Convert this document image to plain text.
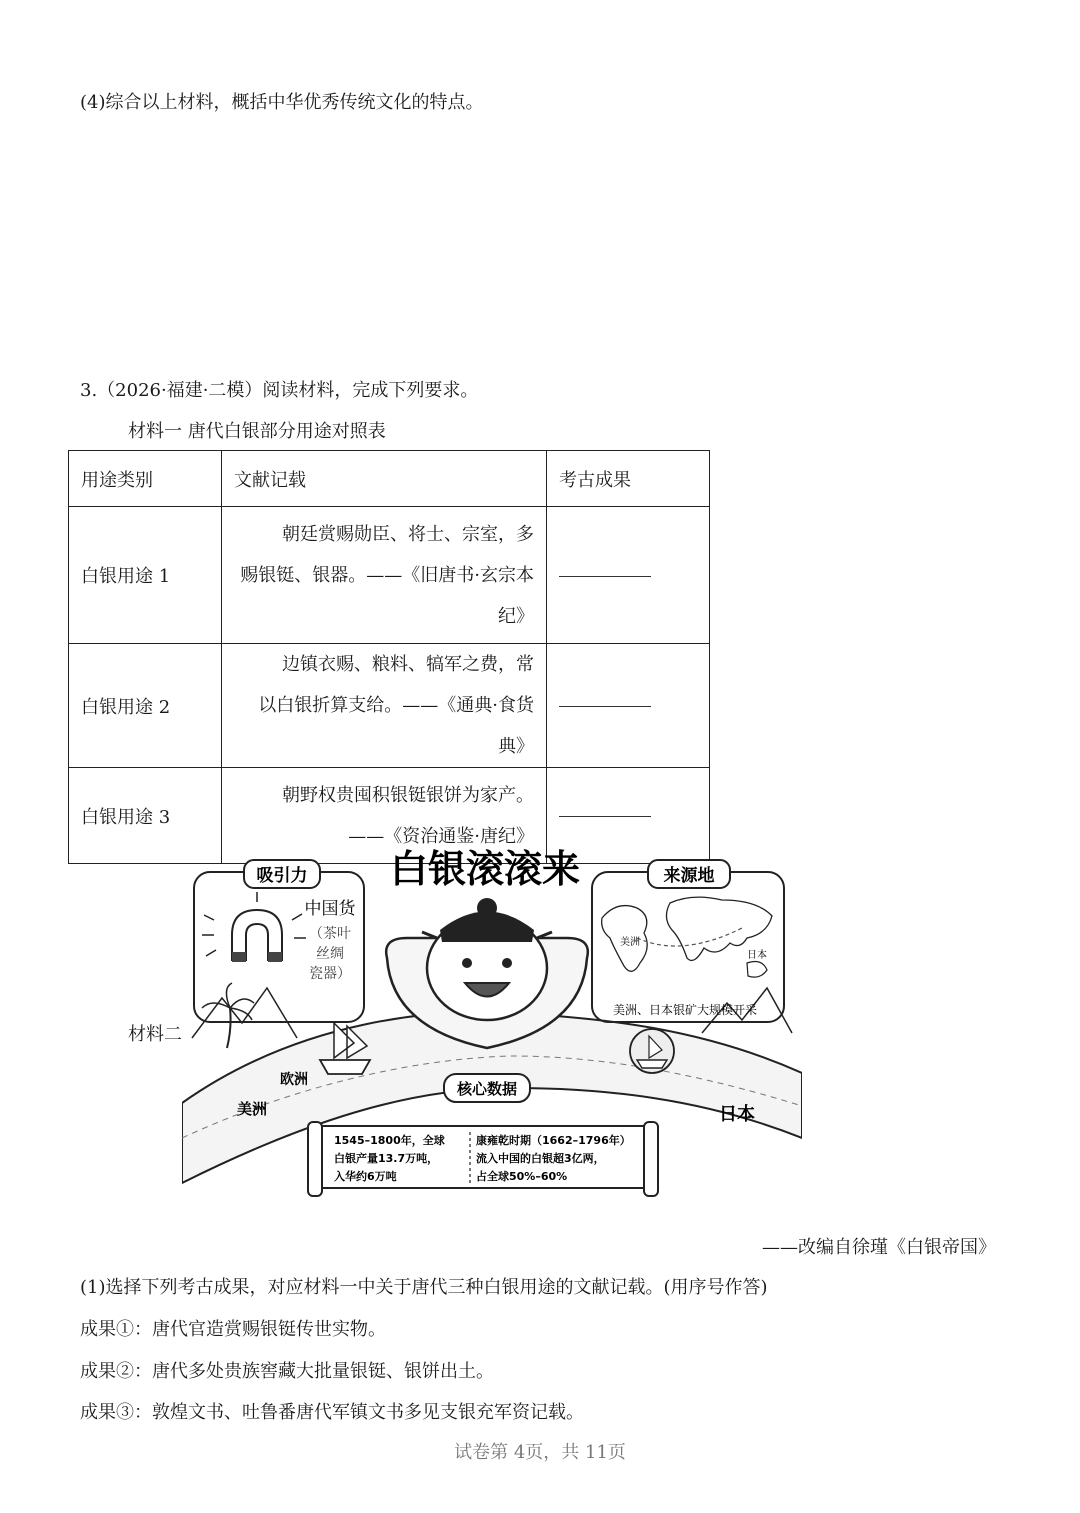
(4)综合以上材料，概括中华优秀传统文化的特点。
3.（2026·福建·二模）阅读材料，完成下列要求。
材料一 唐代白银部分用途对照表
用途类别	文献记载	考古成果
白银用途 1	朝廷赏赐勋臣、将士、宗室，多
赐银铤、银器。——《旧唐书·玄宗本
纪》	

白银用途 2	边镇衣赐、粮料、犒军之费，常
以白银折算支给。——《通典·食货典》	

白银用途 3	朝野权贵囤积银铤银饼为家产。
——《资治通鉴·唐纪》	

材料二
吸引力
中国货
（茶叶
丝绸
瓷器）
白银滚滚来	来源地
美洲
日本
美洲、日本银矿大规模开采
欧洲
美洲	日本
核心数据
1545–1800年，全球
白银产量13.7万吨，
入华约6万吨
康雍乾时期（1662–1796年）
流入中国的白银超3亿两，
占全球50%–60%
——改编自徐瑾《白银帝国》
(1)选择下列考古成果，对应材料一中关于唐代三种白银用途的文献记载。(用序号作答)
成果①：唐代官造赏赐银铤传世实物。
成果②：唐代多处贵族窖藏大批量银铤、银饼出土。
成果③：敦煌文书、吐鲁番唐代军镇文书多见支银充军资记载。
试卷第 4页，共 11页
